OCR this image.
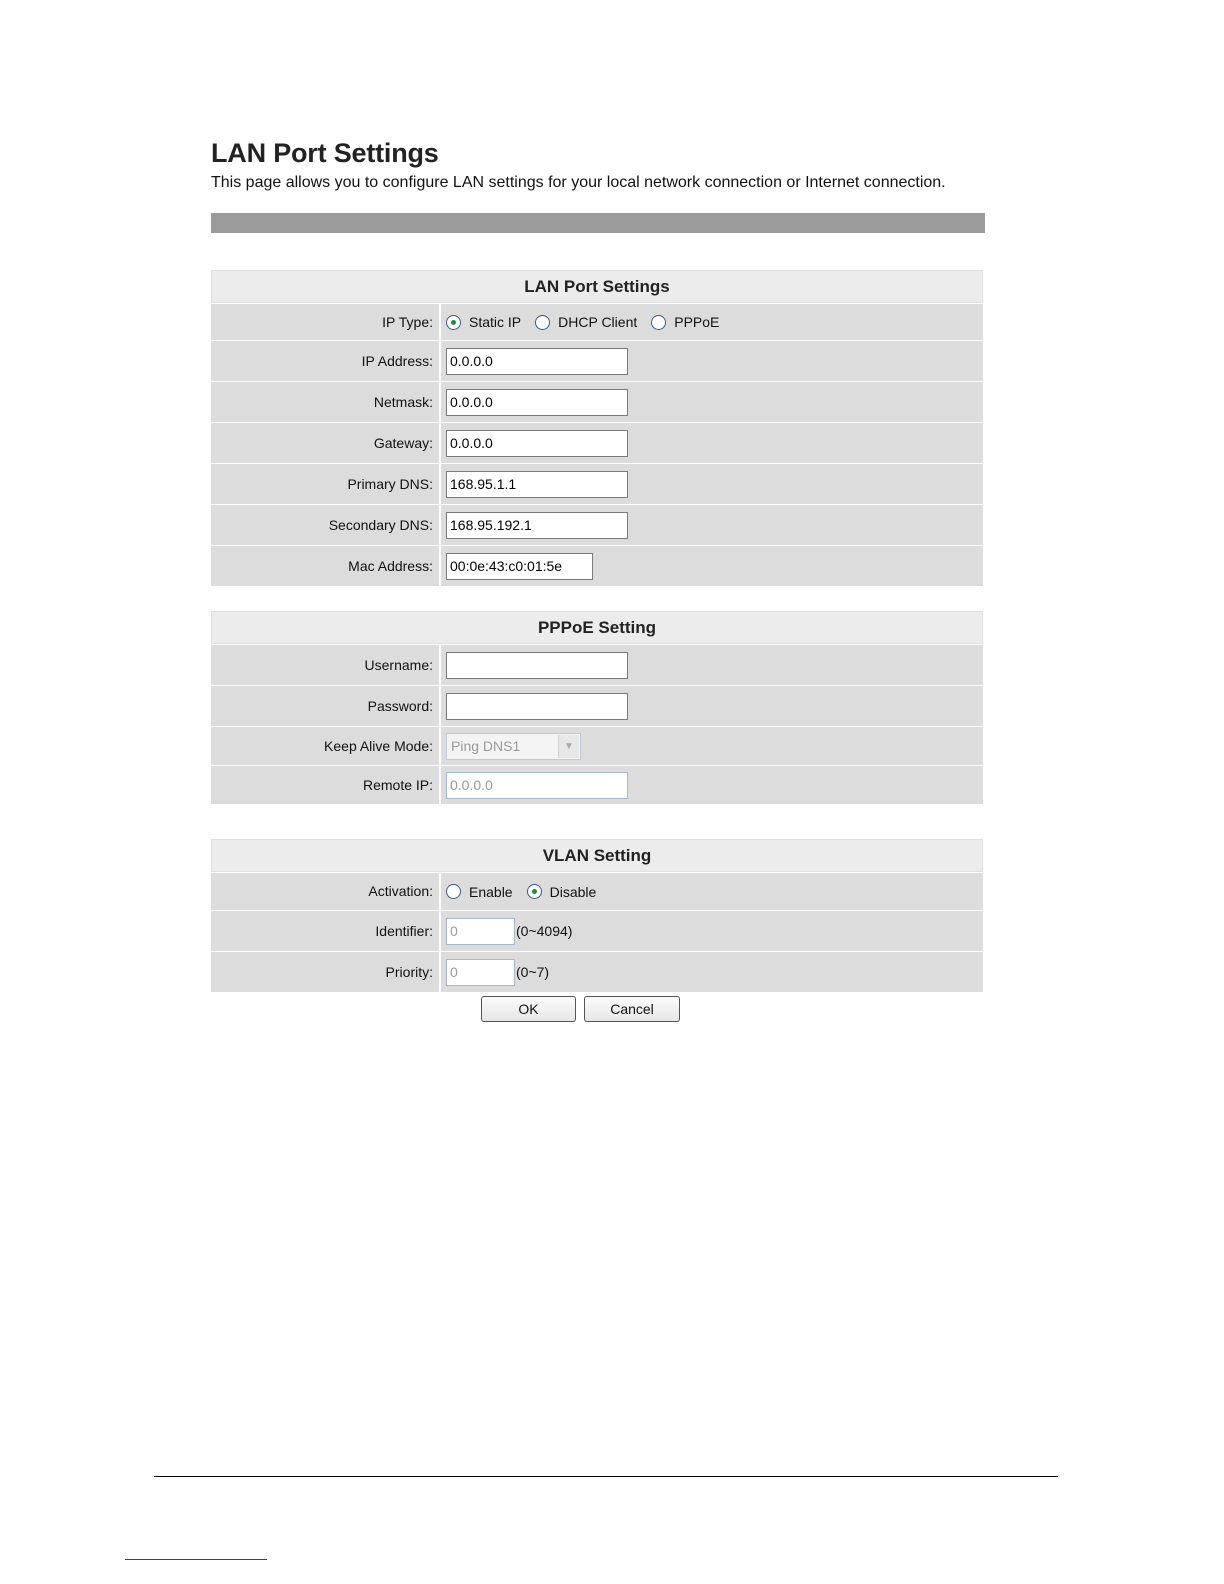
LAN Port Settings
This page allows you to configure LAN settings for your local network connection or Internet connection.
LAN Port Settings
IP Type:	Static IP	DHCP Client	PPPoE
IP Address:
0.0.0.0
Netmask:
0.0.0.0
Gateway:
0.0.0.0
Primary DNS:
168.95.1.1
Secondary DNS:
168.95.192.1
Mac Address:
00:0e:43:c0:01:5e
PPPoE Setting
Username:
Password:
Keep Alive Mode:	Ping DNS1	▼
Remote IP:
0.0.0.0
VLAN Setting
Activation:	Enable	Disable
Identifier:
0	(0~4094)
Priority:
0	(0~7)
OK	Cancel
